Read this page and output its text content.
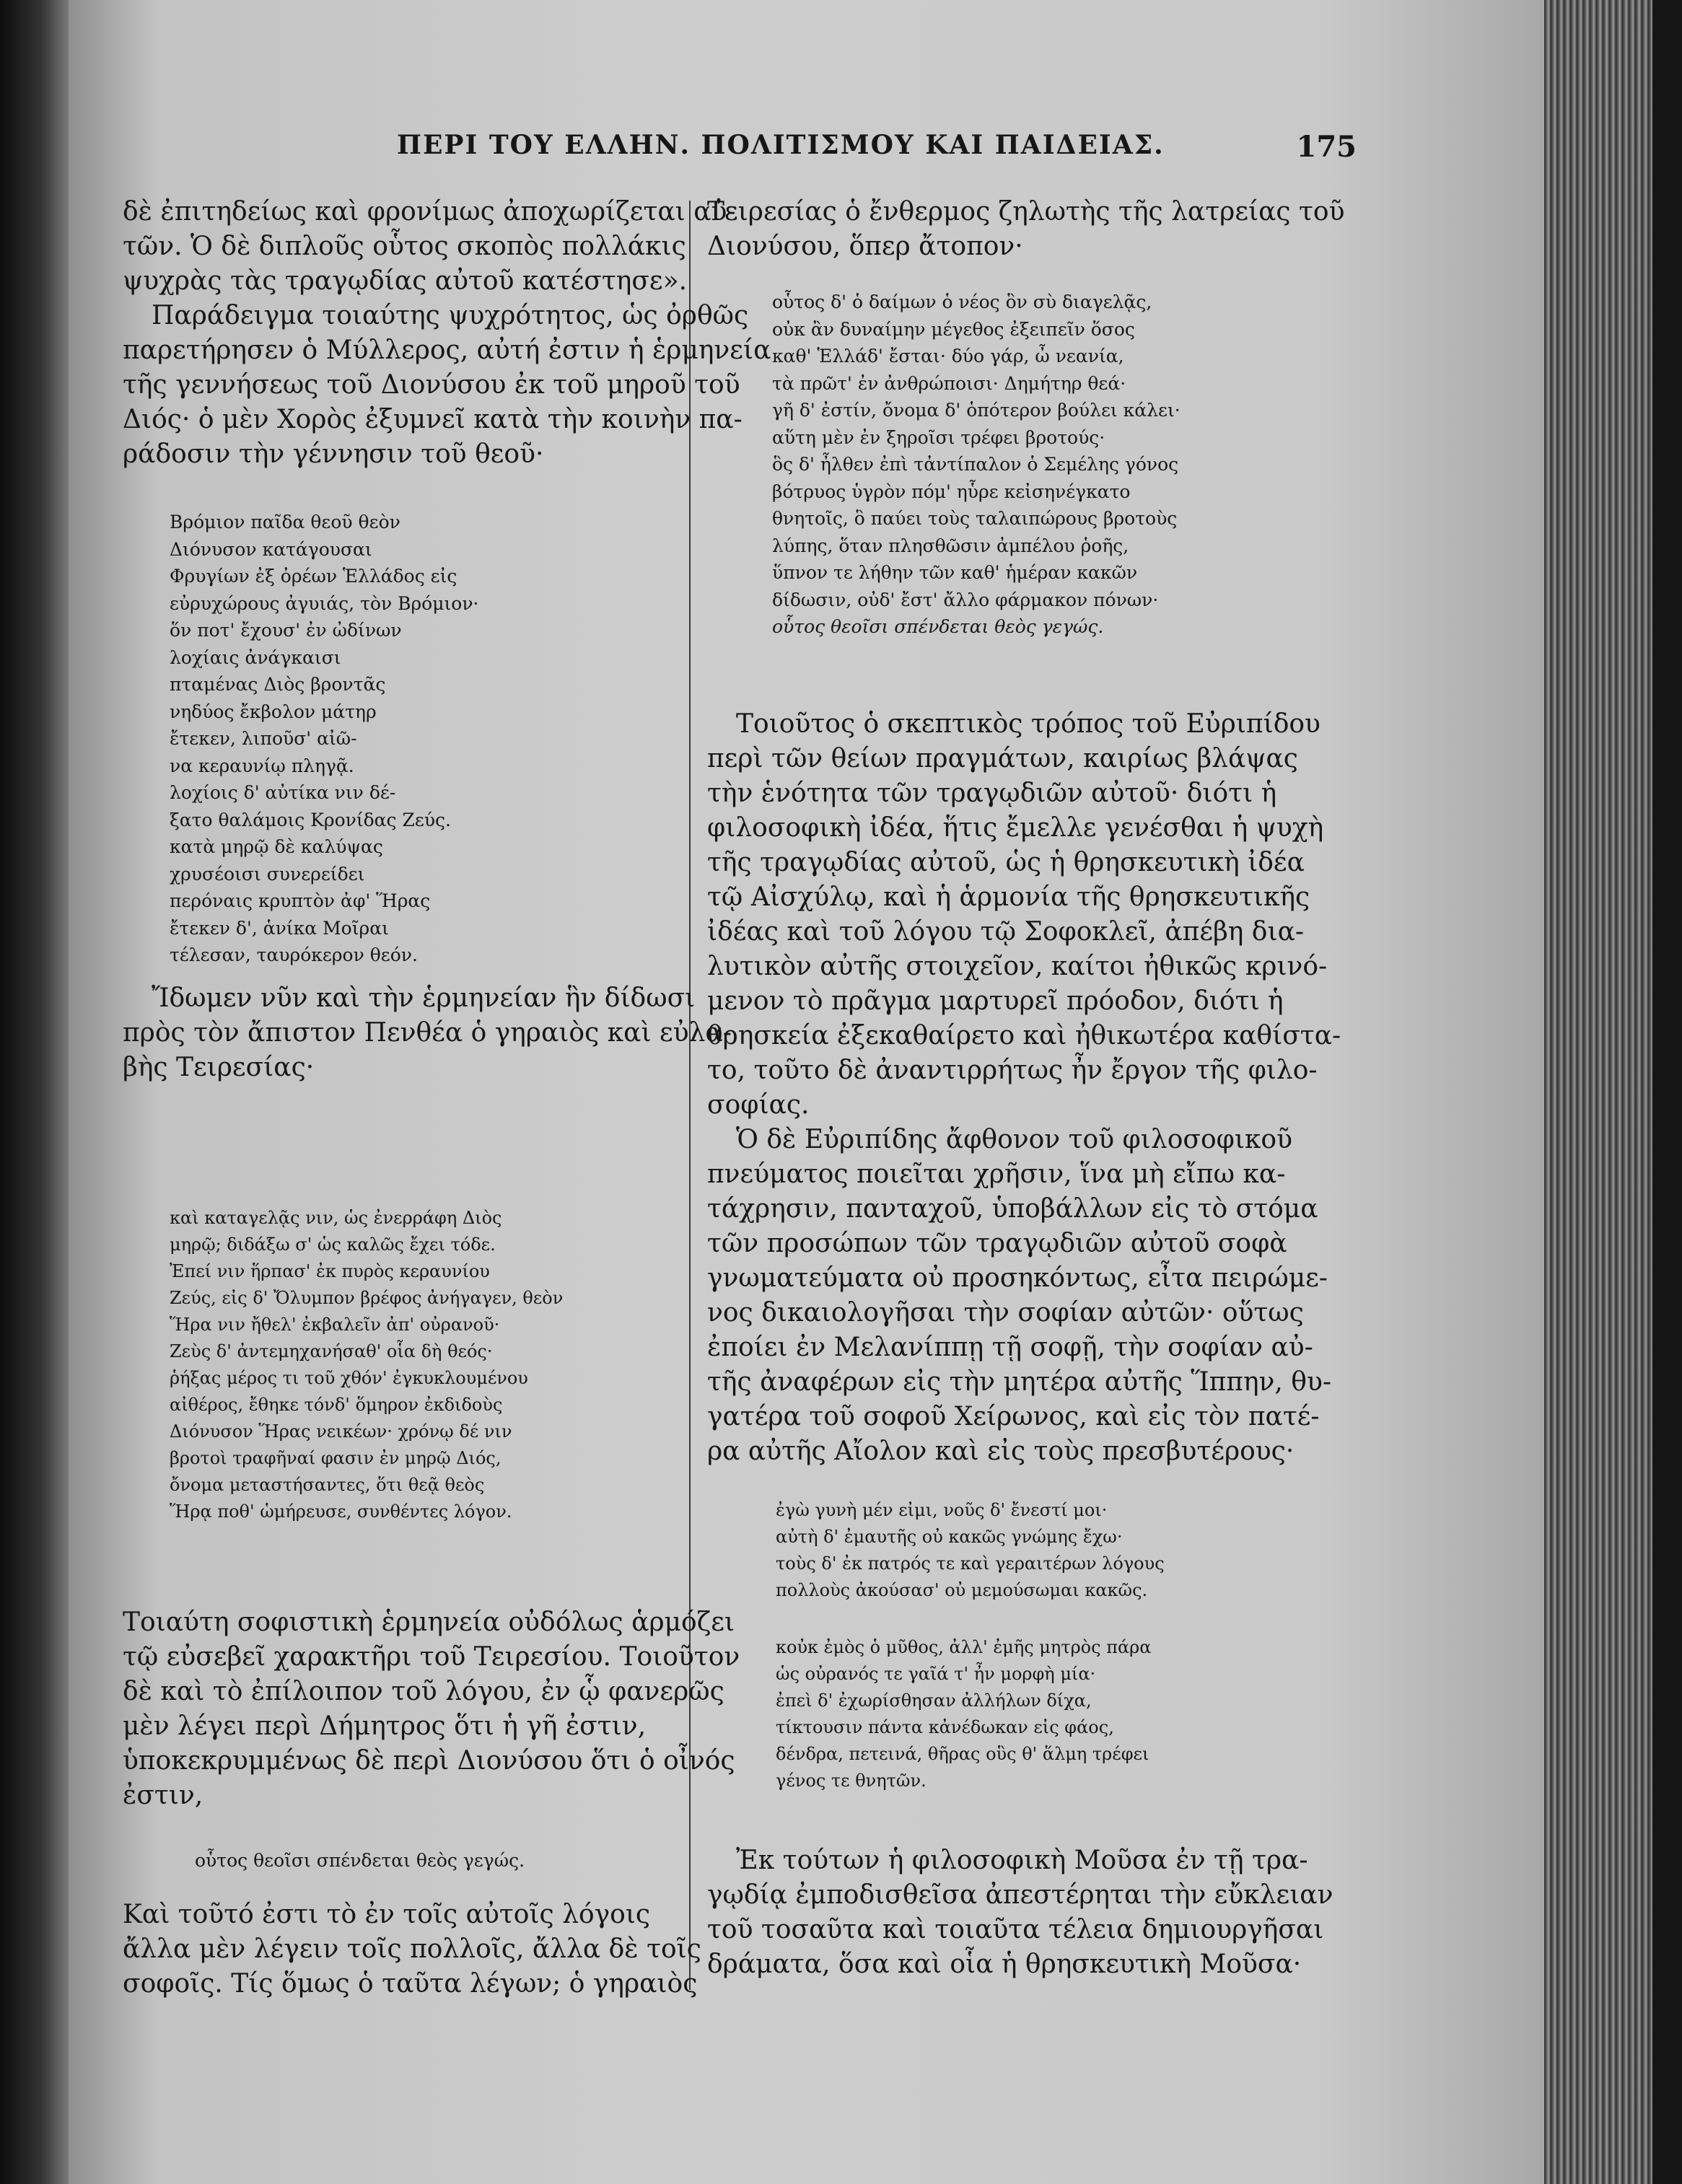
ΠΕΡΙ ΤΟΥ ΕΛΛΗΝ. ΠΟΛΙΤΙΣΜΟΥ ΚΑΙ ΠΑΙΔΕΙΑΣ.	175
δὲ ἐπιτηδείως καὶ φρονίμως ἀποχωρίζεται αὐ-
τῶν. Ὁ δὲ διπλοῦς οὗτος σκοπὸς πολλάκις
ψυχρὰς τὰς τραγῳδίας αὐτοῦ κατέστησε».
Παράδειγμα τοιαύτης ψυχρότητος, ὡς ὀρθῶς
παρετήρησεν ὁ Μύλλερος, αὐτή ἐστιν ἡ ἑρμηνεία
τῆς γεννήσεως τοῦ Διονύσου ἐκ τοῦ μηροῦ τοῦ
Διός· ὁ μὲν Χορὸς ἐξυμνεῖ κατὰ τὴν κοινὴν πα-
ράδοσιν τὴν γέννησιν τοῦ θεοῦ·
Βρόμιον παῖδα θεοῦ θεὸν
Διόνυσον κατάγουσαι
Φρυγίων ἐξ ὀρέων Ἑλλάδος εἰς
εὐρυχώρους ἀγυιάς, τὸν Βρόμιον·
ὅν ποτ' ἔχουσ' ἐν ὠδίνων
λοχίαις ἀνάγκαισι
πταμένας Διὸς βροντᾶς
νηδύος ἔκβολον μάτηρ
ἔτεκεν, λιποῦσ' αἰῶ-
να κεραυνίῳ πληγᾷ.
λοχίοις δ' αὐτίκα νιν δέ-
ξατο θαλάμοις Κρονίδας Ζεύς.
κατὰ μηρῷ δὲ καλύψας
χρυσέοισι συνερείδει
περόναις κρυπτὸν ἀφ' Ἥρας
ἔτεκεν δ', ἁνίκα Μοῖραι
τέλεσαν, ταυρόκερον θεόν.
Ἴδωμεν νῦν καὶ τὴν ἑρμηνείαν ἣν δίδωσι
πρὸς τὸν ἄπιστον Πενθέα ὁ γηραιὸς καὶ εὐλα-
βὴς Τειρεσίας·
καὶ καταγελᾷς νιν, ὡς ἐνερράφη Διὸς
μηρῷ; διδάξω σ' ὡς καλῶς ἔχει τόδε.
Ἐπεί νιν ἥρπασ' ἐκ πυρὸς κεραυνίου
Ζεύς, εἰς δ' Ὄλυμπον βρέφος ἀνήγαγεν, θεὸν
Ἥρα νιν ἤθελ' ἐκβαλεῖν ἀπ' οὐρανοῦ·
Ζεὺς δ' ἀντεμηχανήσαθ' οἷα δὴ θεός·
ῥήξας μέρος τι τοῦ χθόν' ἐγκυκλουμένου
αἰθέρος, ἔθηκε τόνδ' ὅμηρον ἐκδιδοὺς
Διόνυσον Ἥρας νεικέων· χρόνῳ δέ νιν
βροτοὶ τραφῆναί φασιν ἐν μηρῷ Διός,
ὄνομα μεταστήσαντες, ὅτι θεᾷ θεὸς
Ἥρᾳ ποθ' ὡμήρευσε, συνθέντες λόγον.
Τοιαύτη σοφιστικὴ ἑρμηνεία οὐδόλως ἁρμόζει
τῷ εὐσεβεῖ χαρακτῆρι τοῦ Τειρεσίου. Τοιοῦτον
δὲ καὶ τὸ ἐπίλοιπον τοῦ λόγου, ἐν ᾧ φανερῶς
μὲν λέγει περὶ Δήμητρος ὅτι ἡ γῆ ἐστιν,
ὑποκεκρυμμένως δὲ περὶ Διονύσου ὅτι ὁ οἶνός
ἐστιν,
οὗτος θεοῖσι σπένδεται θεὸς γεγώς.
Καὶ τοῦτό ἐστι τὸ ἐν τοῖς αὐτοῖς λόγοις
ἄλλα μὲν λέγειν τοῖς πολλοῖς, ἄλλα δὲ τοῖς
σοφοῖς. Τίς ὅμως ὁ ταῦτα λέγων; ὁ γηραιὸς
Τειρεσίας ὁ ἔνθερμος ζηλωτὴς τῆς λατρείας τοῦ
Διονύσου, ὅπερ ἄτοπον·
οὗτος δ' ὁ δαίμων ὁ νέος ὃν σὺ διαγελᾷς,
οὐκ ἂν δυναίμην μέγεθος ἐξειπεῖν ὅσος
καθ' Ἑλλάδ' ἔσται· δύο γάρ, ὦ νεανία,
τὰ πρῶτ' ἐν ἀνθρώποισι· Δημήτηρ θεά·
γῆ δ' ἐστίν, ὄνομα δ' ὁπότερον βούλει κάλει·
αὕτη μὲν ἐν ξηροῖσι τρέφει βροτούς·
ὃς δ' ἦλθεν ἐπὶ τἀντίπαλον ὁ Σεμέλης γόνος
βότρυος ὑγρὸν πόμ' ηὗρε κεἰσηνέγκατο
θνητοῖς, ὃ παύει τοὺς ταλαιπώρους βροτοὺς
λύπης, ὅταν πλησθῶσιν ἀμπέλου ῥοῆς,
ὕπνον τε λήθην τῶν καθ' ἡμέραν κακῶν
δίδωσιν, οὐδ' ἔστ' ἄλλο φάρμακον πόνων·
οὗτος θεοῖσι σπένδεται θεὸς γεγώς.
Τοιοῦτος ὁ σκεπτικὸς τρόπος τοῦ Εὐριπίδου
περὶ τῶν θείων πραγμάτων, καιρίως βλάψας
τὴν ἑνότητα τῶν τραγῳδιῶν αὐτοῦ· διότι ἡ
φιλοσοφικὴ ἰδέα, ἥτις ἔμελλε γενέσθαι ἡ ψυχὴ
τῆς τραγῳδίας αὐτοῦ, ὡς ἡ θρησκευτικὴ ἰδέα
τῷ Αἰσχύλῳ, καὶ ἡ ἁρμονία τῆς θρησκευτικῆς
ἰδέας καὶ τοῦ λόγου τῷ Σοφοκλεῖ, ἀπέβη δια-
λυτικὸν αὐτῆς στοιχεῖον, καίτοι ἠθικῶς κρινό-
μενον τὸ πρᾶγμα μαρτυρεῖ πρόοδον, διότι ἡ
θρησκεία ἐξεκαθαίρετο καὶ ἠθικωτέρα καθίστα-
το, τοῦτο δὲ ἀναντιρρήτως ἦν ἔργον τῆς φιλο-
σοφίας.
Ὁ δὲ Εὐριπίδης ἄφθονον τοῦ φιλοσοφικοῦ
πνεύματος ποιεῖται χρῆσιν, ἵνα μὴ εἴπω κα-
τάχρησιν, πανταχοῦ, ὑποβάλλων εἰς τὸ στόμα
τῶν προσώπων τῶν τραγῳδιῶν αὐτοῦ σοφὰ
γνωματεύματα οὐ προσηκόντως, εἶτα πειρώμε-
νος δικαιολογῆσαι τὴν σοφίαν αὐτῶν· οὕτως
ἐποίει ἐν Μελανίππῃ τῇ σοφῇ, τὴν σοφίαν αὐ-
τῆς ἀναφέρων εἰς τὴν μητέρα αὐτῆς Ἵππην, θυ-
γατέρα τοῦ σοφοῦ Χείρωνος, καὶ εἰς τὸν πατέ-
ρα αὐτῆς Αἴολον καὶ εἰς τοὺς πρεσβυτέρους·
ἐγὼ γυνὴ μέν εἰμι, νοῦς δ' ἔνεστί μοι·
αὐτὴ δ' ἐμαυτῆς οὐ κακῶς γνώμης ἔχω·
τοὺς δ' ἐκ πατρός τε καὶ γεραιτέρων λόγους
πολλοὺς ἀκούσασ' οὐ μεμούσωμαι κακῶς.
κοὐκ ἐμὸς ὁ μῦθος, ἀλλ' ἐμῆς μητρὸς πάρα
ὡς οὐρανός τε γαῖά τ' ἦν μορφὴ μία·
ἐπεὶ δ' ἐχωρίσθησαν ἀλλήλων δίχα,
τίκτουσιν πάντα κἀνέδωκαν εἰς φάος,
δένδρα, πετεινά, θῆρας οὓς θ' ἅλμη τρέφει
γένος τε θνητῶν.
Ἐκ τούτων ἡ φιλοσοφικὴ Μοῦσα ἐν τῇ τρα-
γῳδίᾳ ἐμποδισθεῖσα ἀπεστέρηται τὴν εὔκλειαν
τοῦ τοσαῦτα καὶ τοιαῦτα τέλεια δημιουργῆσαι
δράματα, ὅσα καὶ οἷα ἡ θρησκευτικὴ Μοῦσα·
